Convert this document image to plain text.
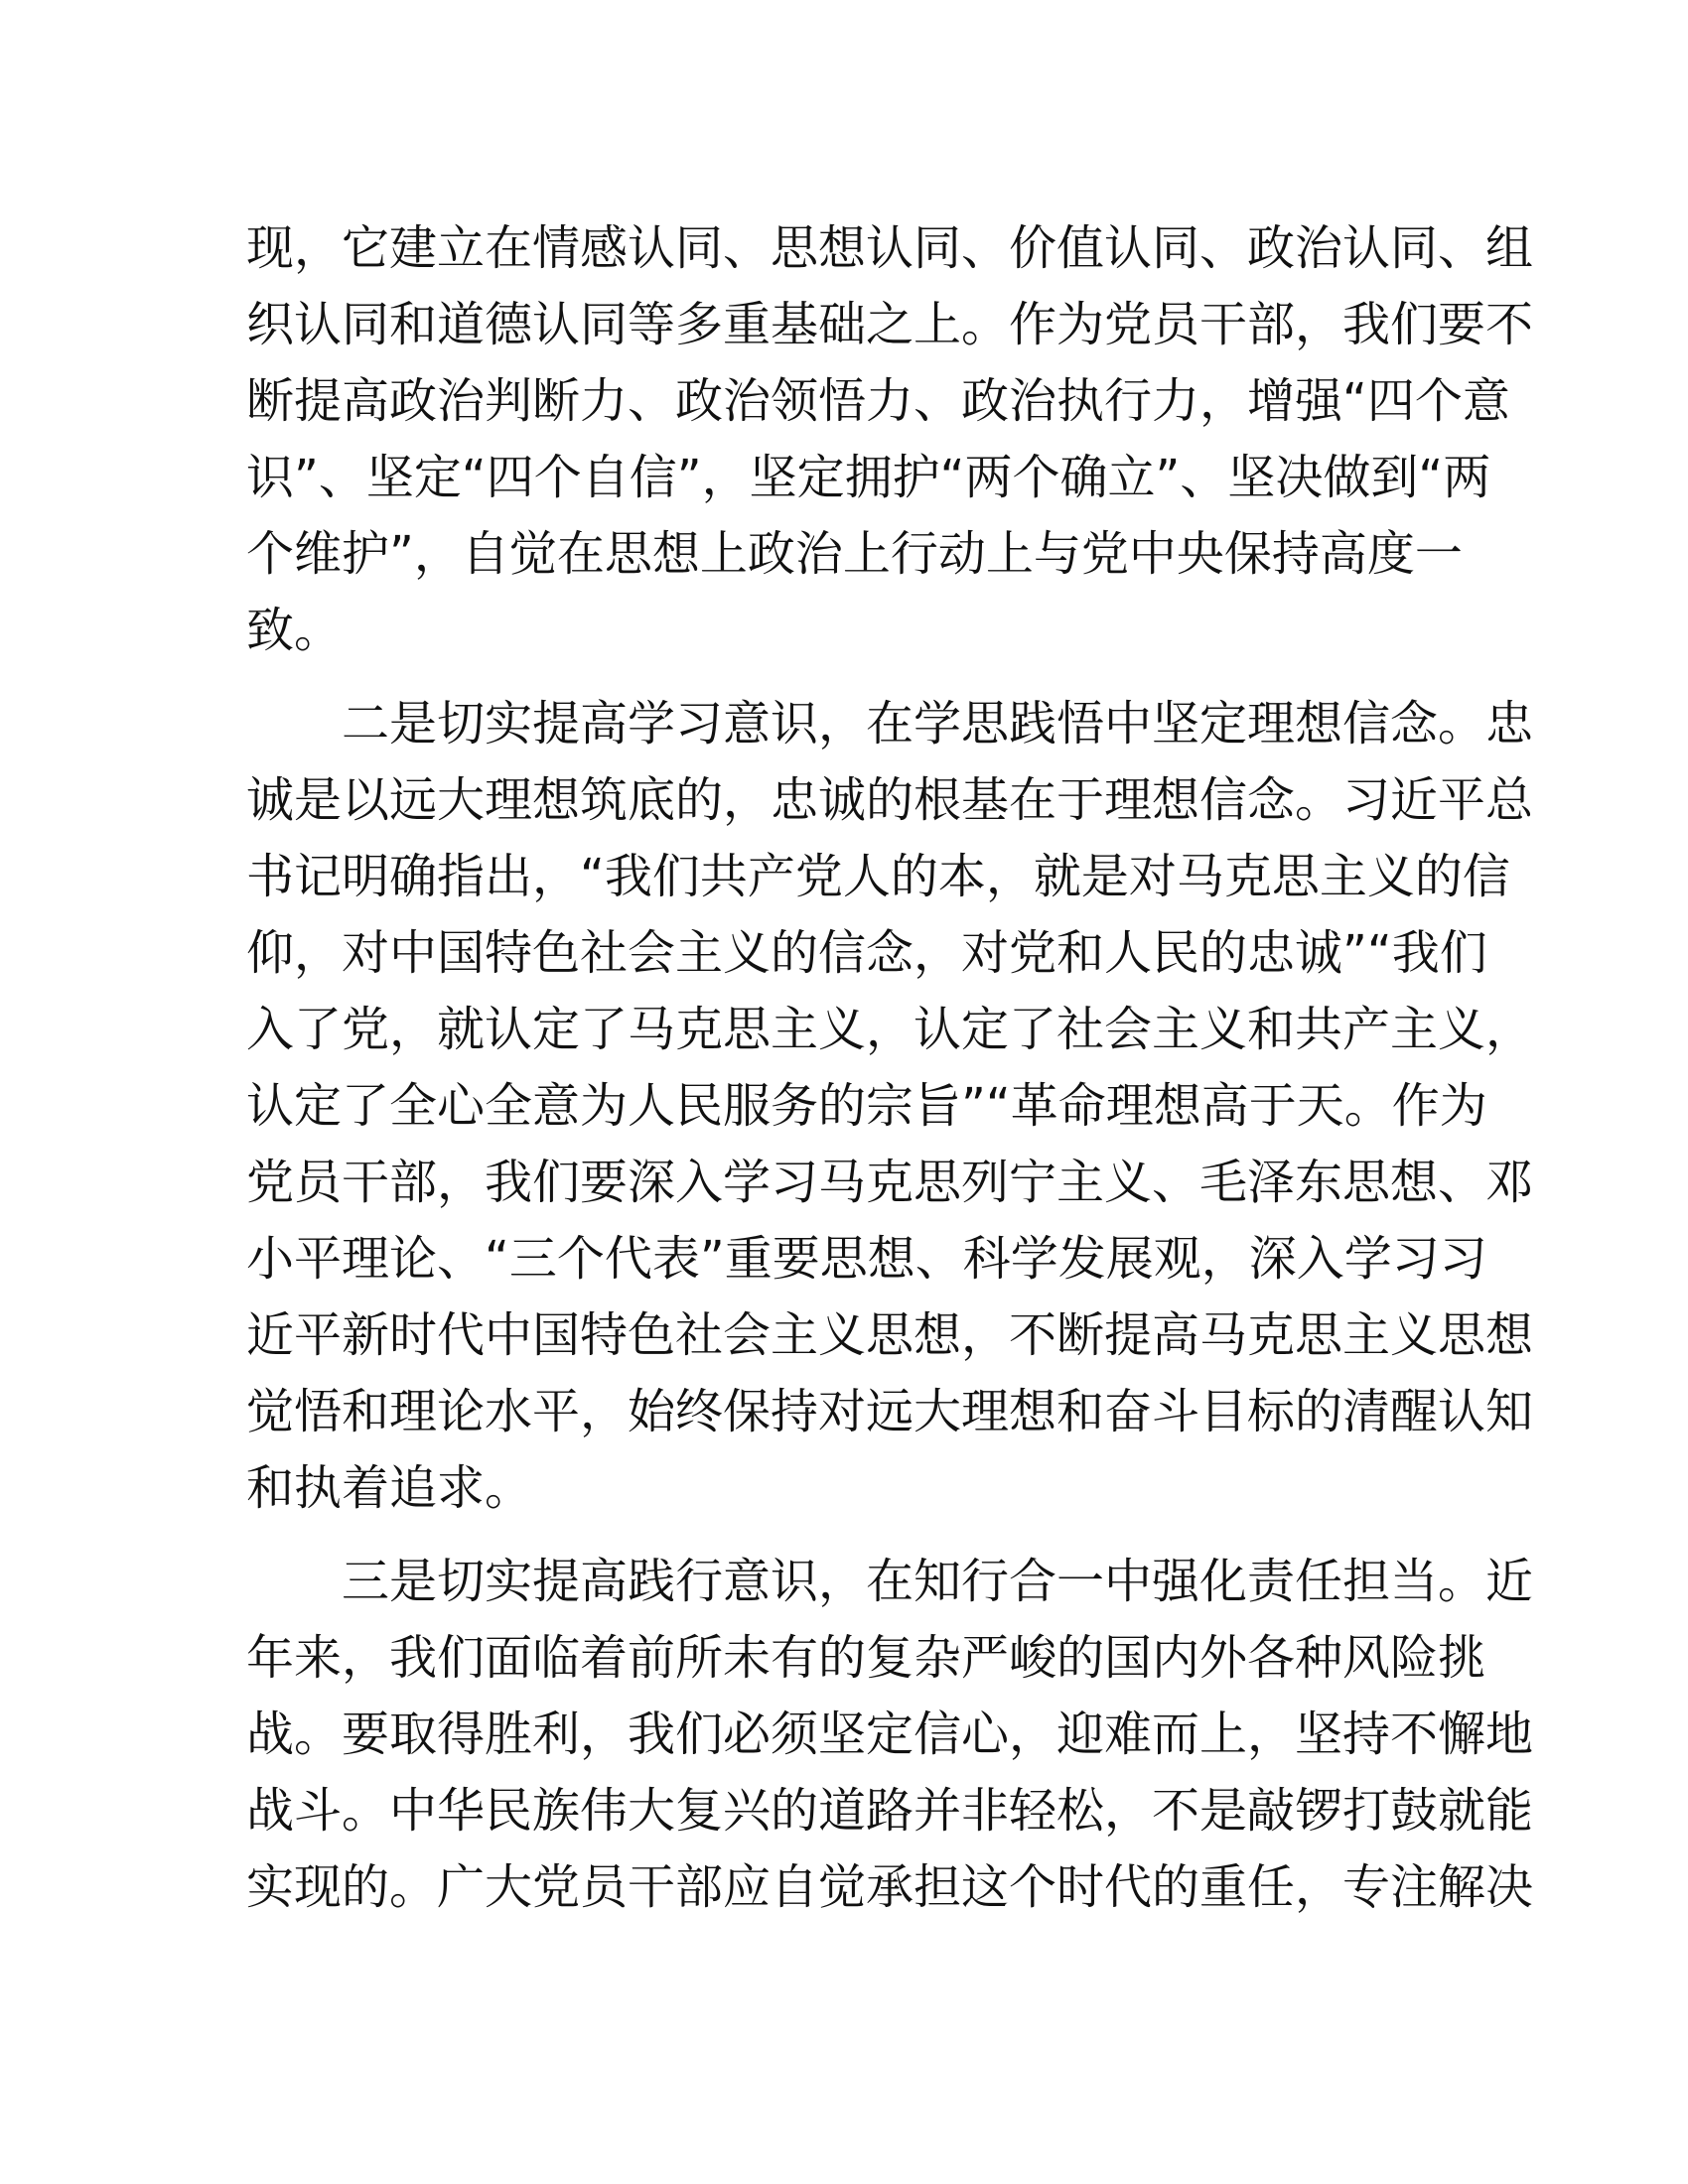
现，它建立在情感认同、思想认同、价值认同、政治认同、组
织认同和道德认同等多重基础之上。作为党员干部，我们要不
断提高政治判断力、政治领悟力、政治执行力，增强“四个意
识”、坚定“四个自信”，坚定拥护“两个确立”、坚决做到“两
个维护”，自觉在思想上政治上行动上与党中央保持高度一
致。
　　二是切实提高学习意识，在学思践悟中坚定理想信念。忠
诚是以远大理想筑底的，忠诚的根基在于理想信念。习近平总
书记明确指出，“我们共产党人的本，就是对马克思主义的信
仰，对中国特色社会主义的信念，对党和人民的忠诚”“我们
入了党，就认定了马克思主义，认定了社会主义和共产主义，
认定了全心全意为人民服务的宗旨”“革命理想高于天。作为
党员干部，我们要深入学习马克思列宁主义、毛泽东思想、邓
小平理论、“三个代表”重要思想、科学发展观，深入学习习
近平新时代中国特色社会主义思想，不断提高马克思主义思想
觉悟和理论水平，始终保持对远大理想和奋斗目标的清醒认知
和执着追求。
　　三是切实提高践行意识，在知行合一中强化责任担当。近
年来，我们面临着前所未有的复杂严峻的国内外各种风险挑
战。要取得胜利，我们必须坚定信心，迎难而上，坚持不懈地
战斗。中华民族伟大复兴的道路并非轻松，不是敲锣打鼓就能
实现的。广大党员干部应自觉承担这个时代的重任，专注解决
